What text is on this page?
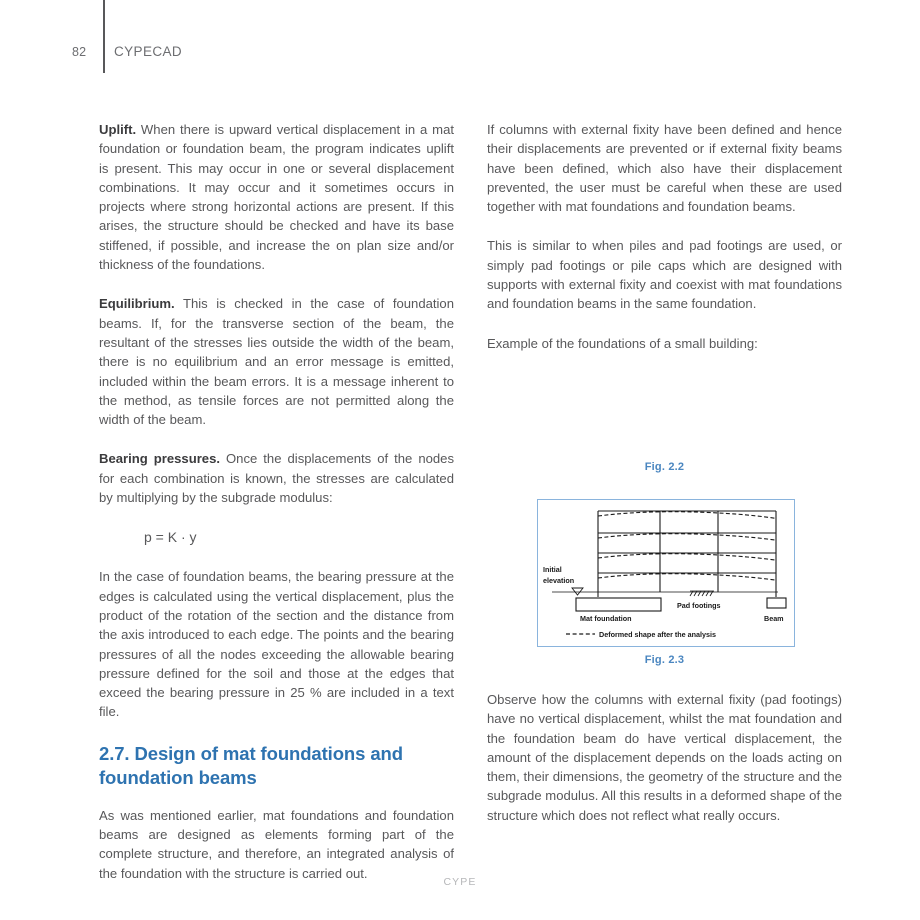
82 CYPECAD

Uplift. When there is upward vertical displacement in a mat foundation or foundation beam, the program indicates uplift is present. This may occur in one or several displacement combinations. It may occur and it sometimes occurs in projects where strong horizontal actions are present. If this arises, the structure should be checked and have its base stiffened, if possible, and increase the on plan size and/or thickness of the foundations.

Equilibrium. This is checked in the case of foundation beams. If, for the transverse section of the beam, the resultant of the stresses lies outside the width of the beam, there is no equilibrium and an error message is emitted, included within the beam errors. It is a message inherent to the method, as tensile forces are not permitted along the width of the beam.

Bearing pressures. Once the displacements of the nodes for each combination is known, the stresses are calculated by multiplying by the subgrade modulus:

p = K · y

In the case of foundation beams, the bearing pressure at the edges is calculated using the vertical displacement, plus the product of the rotation of the section and the distance from the axis introduced to each edge. The points and the bearing pressures of all the nodes exceeding the allowable bearing pressure defined for the soil and those at the edges that exceed the bearing pressure in 25 % are included in a text file.

2.7. Design of mat foundations and foundation beams

As was mentioned earlier, mat foundations and foundation beams are designed as elements forming part of the complete structure, and therefore, an integrated analysis of the foundation with the structure is carried out.

If columns with external fixity have been defined and hence their displacements are prevented or if external fixity beams have been defined, which also have their displacement prevented, the user must be careful when these are used together with mat foundations and foundation beams.

This is similar to when piles and pad footings are used, or simply pad footings or pile caps which are designed with supports with external fixity and coexist with mat foundations and foundation beams in the same foundation.

Example of the foundations of a small building:

Fig. 2.2
Initial
elevation
Mat foundation
Pad footings
Beam
Deformed shape after the analysis
Fig. 2.3

Observe how the columns with external fixity (pad footings) have no vertical displacement, whilst the mat foundation and the foundation beam do have vertical displacement, the amount of the displacement depends on the loads acting on them, their dimensions, the geometry of the structure and the subgrade modulus. All this results in a deformed shape of the structure which does not reflect what really occurs.

CYPE
